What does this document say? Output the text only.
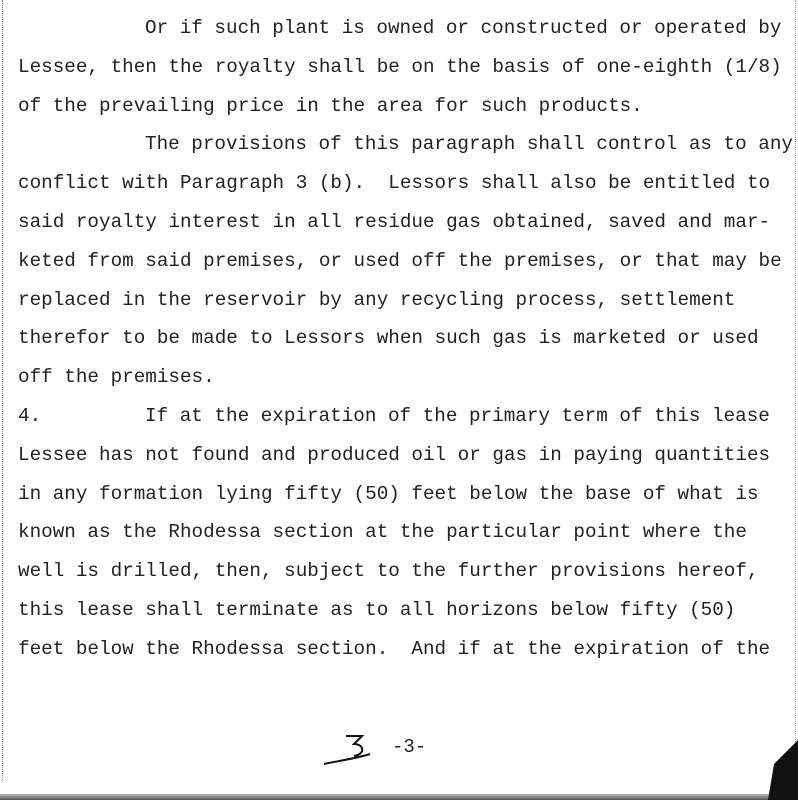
Or if such plant is owned or constructed or operated by
Lessee, then the royalty shall be on the basis of one-eighth (1/8)
of the prevailing price in the area for such products.
The provisions of this paragraph shall control as to any
conflict with Paragraph 3 (b).  Lessors shall also be entitled to
said royalty interest in all residue gas obtained, saved and mar-
keted from said premises, or used off the premises, or that may be
replaced in the reservoir by any recycling process, settlement
therefor to be made to Lessors when such gas is marketed or used
off the premises.
4.	If at the expiration of the primary term of this lease
Lessee has not found and produced oil or gas in paying quantities
in any formation lying fifty (50) feet below the base of what is
known as the Rhodessa section at the particular point where the
well is drilled, then, subject to the further provisions hereof,
this lease shall terminate as to all horizons below fifty (50)
feet below the Rhodessa section.  And if at the expiration of the
-3-
